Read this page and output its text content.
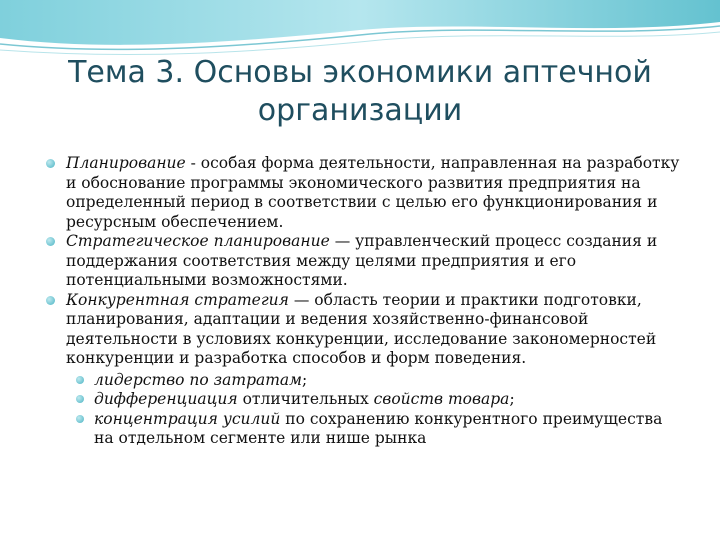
Тема 3. Основы экономики аптечной
организации
Планирование - особая форма деятельности, направленная на разработку и обоснование программы экономического развития предприятия на определенный период в соответствии с целью его функционирования и ресурсным обеспечением.
Стратегическое планирование — управленческий процесс создания и поддержания соответствия между целями предприятия и его потенциальными возможностями.
Конкурентная стратегия — область теории и практики подготовки, планирования, адаптации и ведения хозяйственно-финансовой деятельности в условиях конкуренции, исследование закономерностей конкуренции и разработка способов и форм поведения.
лидерство по затратам;
дифференциация отличительных свойств товара;
концентрация усилий по сохранению конкурентного преимущества на отдельном сегменте или нише рынка
